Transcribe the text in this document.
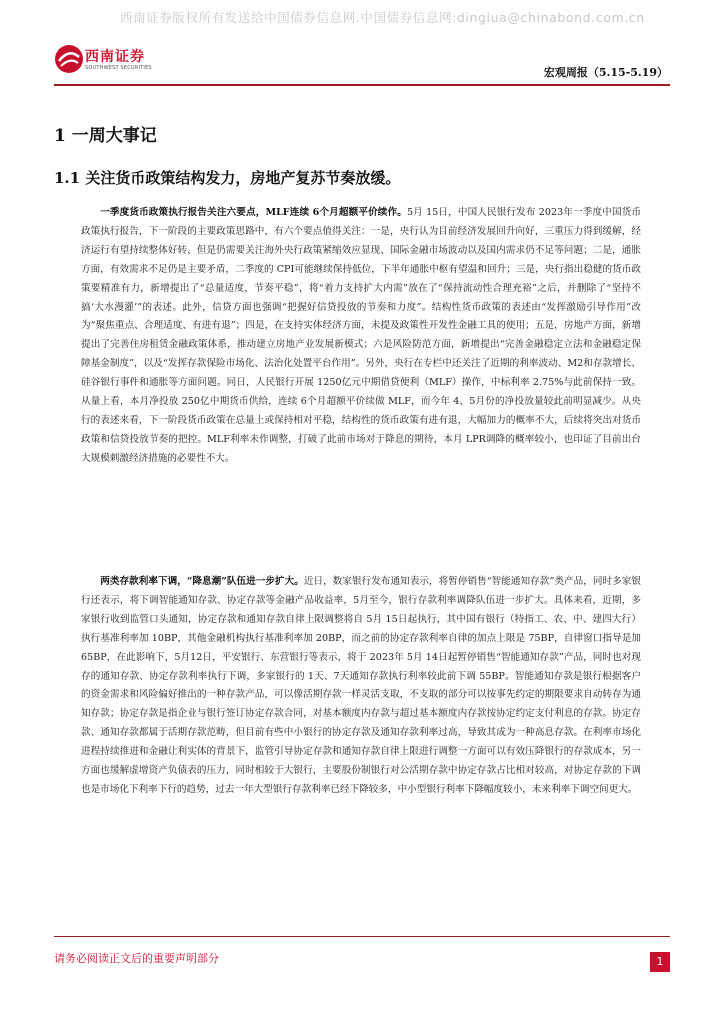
西南证券版权所有发送给中国债券信息网.中国债券信息网:dinglua@chinabond.com.cn
西南证券
SOUTHWEST SECURITIES	宏观周报（5.15-5.19）
1 一周大事记
1.1 关注货币政策结构发力，房地产复苏节奏放缓。

一季度货币政策执行报告关注六要点，MLF连续 6个月超额平价续作。5月 15日，中国人民银行发布 2023年一季度中国货币政策执行报告，下一阶段的主要政策思路中，有六个要点值得关注：一是，央行认为目前经济发展回升向好，三重压力得到缓解，经济运行有望持续整体好转，但是仍需要关注海外央行政策紧缩效应显现、国际金融市场波动以及国内需求仍不足等问题；二是，通胀方面，有效需求不足仍是主要矛盾，二季度的 CPI可能继续保持低位，下半年通胀中枢有望温和回升；三是，央行指出稳健的货币政策要精准有力，新增提出了“总量适度，节奏平稳”，将“着力支持扩大内需”放在了“保持流动性合理充裕”之后，并删除了“坚持不搞‘大水漫灌’”的表述。此外，信贷方面也强调“把握好信贷投放的节奏和力度”。结构性货币政策的表述由“发挥激励引导作用”改为“聚焦重点、合理适度、有进有退”；四是，在支持实体经济方面，未提及政策性开发性金融工具的使用；五是，房地产方面，新增提出了完善住房租赁金融政策体系，推动建立房地产业发展新模式；六是风险防范方面，新增提出“完善金融稳定立法和金融稳定保障基金制度”，以及“发挥存款保险市场化、法治化处置平台作用”。另外，央行在专栏中还关注了近期的利率波动、M2和存款增长、硅谷银行事件和通胀等方面问题。同日，人民银行开展 1250亿元中期借贷便利（MLF）操作，中标利率 2.75%与此前保持一致。从量上看，本月净投放 250亿中期货币供给，连续 6个月超额平价续做 MLF，而今年 4、5月份的净投放量较此前明显减少。从央行的表述来看，下一阶段货币政策在总量上或保持相对平稳，结构性的货币政策有进有退，大幅加力的概率不大，后续将突出对货币政策和信贷投放节奏的把控。MLF利率未作调整，打破了此前市场对于降息的期待，本月 LPR调降的概率较小，也印证了目前出台大规模刺激经济措施的必要性不大。

两类存款利率下调，“降息潮”队伍进一步扩大。近日，数家银行发布通知表示，将暂停销售“智能通知存款”类产品，同时多家银行还表示，将下调智能通知存款、协定存款等金融产品收益率，5月至今，银行存款利率调降队伍进一步扩大。具体来看，近期，多家银行收到监管口头通知，协定存款和通知存款自律上限调整将自 5月 15日起执行，其中国有银行（特指工、农、中、建四大行）执行基准利率加 10BP，其他金融机构执行基准利率加 20BP，而之前的协定存款利率自律的加点上限是 75BP，自律窗口指导是加 65BP，在此影响下，5月12日，平安银行、东营银行等表示，将于 2023年 5月 14日起暂停销售“智能通知存款”产品，同时也对现存的通知存款、协定存款利率执行下调，多家银行的 1天、7天通知存款执行利率较此前下调 55BP。智能通知存款是银行根据客户的资金需求和风险偏好推出的一种存款产品，可以像活期存款一样灵活支取，不支取的部分可以按事先约定的期限要求自动转存为通知存款；协定存款是指企业与银行签订协定存款合同，对基本额度内存款与超过基本额度内存款按协定约定支付利息的存款。协定存款、通知存款都属于活期存款范畴，但目前有些中小银行的协定存款及通知存款利率过高，导致其成为一种高息存款。在利率市场化进程持续推进和金融让利实体的背景下，监管引导协定存款和通知存款自律上限进行调整一方面可以有效压降银行的存款成本，另一方面也缓解虚增资产负债表的压力，同时相较于大银行，主要股份制银行对公活期存款中协定存款占比相对较高，对协定存款的下调也是市场化下利率下行的趋势，过去一年大型银行存款利率已经下降较多，中小型银行利率下降幅度较小，未来利率下调空间更大。

请务必阅读正文后的重要声明部分	1
